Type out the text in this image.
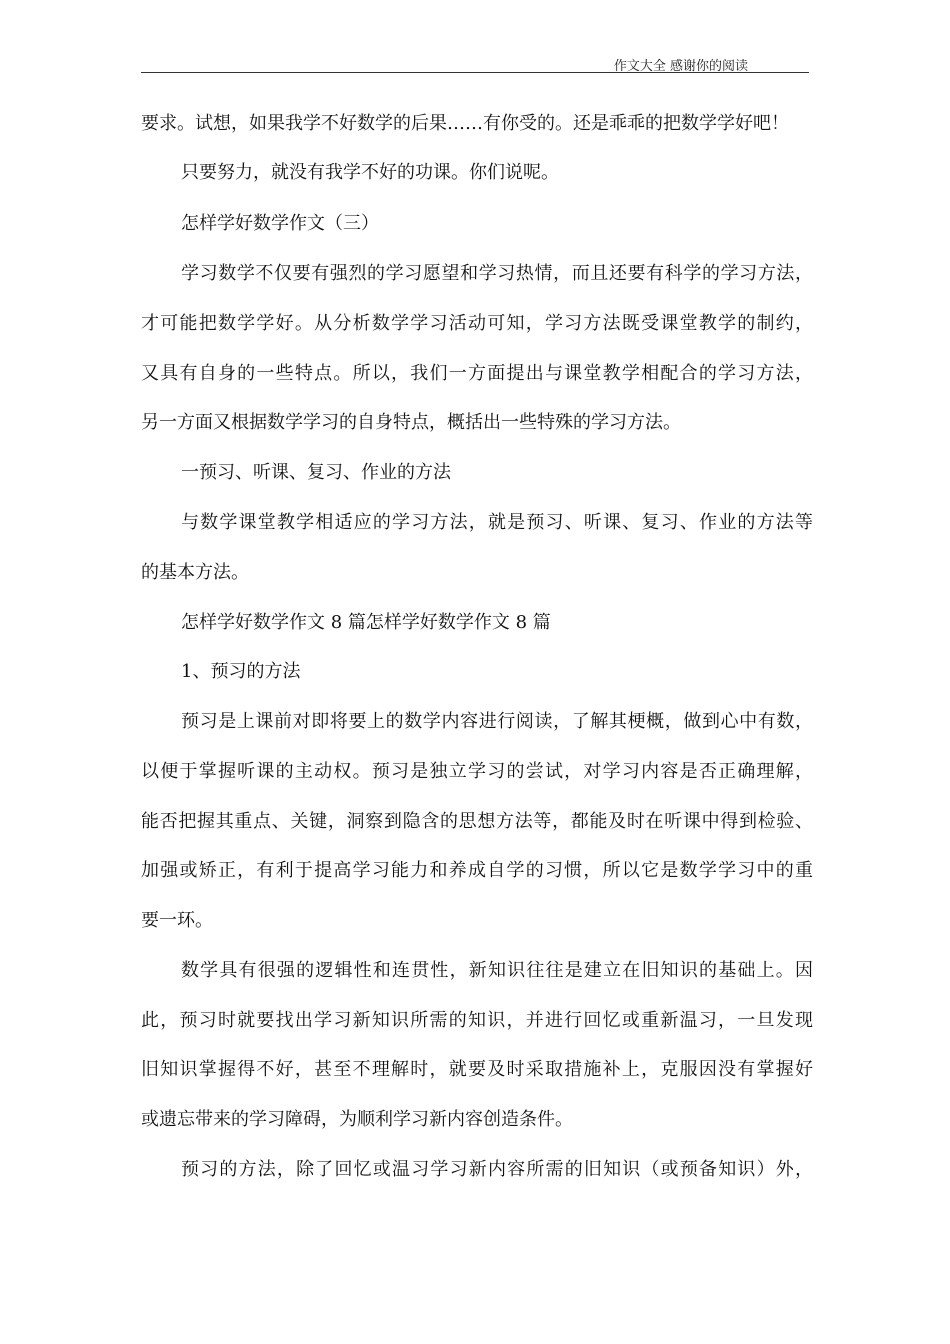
作文大全 感谢你的阅读
要求。试想，如果我学不好数学的后果……有你受的。还是乖乖的把数学学好吧！
只要努力，就没有我学不好的功课。你们说呢。
怎样学好数学作文（三）
学习数学不仅要有强烈的学习愿望和学习热情，而且还要有科学的学习方法，
才可能把数学学好。从分析数学学习活动可知，学习方法既受课堂教学的制约，
又具有自身的一些特点。所以，我们一方面提出与课堂教学相配合的学习方法，
另一方面又根据数学学习的自身特点，概括出一些特殊的学习方法。
一预习、听课、复习、作业的方法
与数学课堂教学相适应的学习方法，就是预习、听课、复习、作业的方法等
的基本方法。
怎样学好数学作文 8 篇怎样学好数学作文 8 篇
1、预习的方法
预习是上课前对即将要上的数学内容进行阅读，了解其梗概，做到心中有数，
以便于掌握听课的主动权。预习是独立学习的尝试，对学习内容是否正确理解，
能否把握其重点、关键，洞察到隐含的思想方法等，都能及时在听课中得到检验、
加强或矫正，有利于提高学习能力和养成自学的习惯，所以它是数学学习中的重
要一环。
数学具有很强的逻辑性和连贯性，新知识往往是建立在旧知识的基础上。因
此，预习时就要找出学习新知识所需的知识，并进行回忆或重新温习，一旦发现
旧知识掌握得不好，甚至不理解时，就要及时采取措施补上，克服因没有掌握好
或遗忘带来的学习障碍，为顺利学习新内容创造条件。
预习的方法，除了回忆或温习学习新内容所需的旧知识（或预备知识）外，
